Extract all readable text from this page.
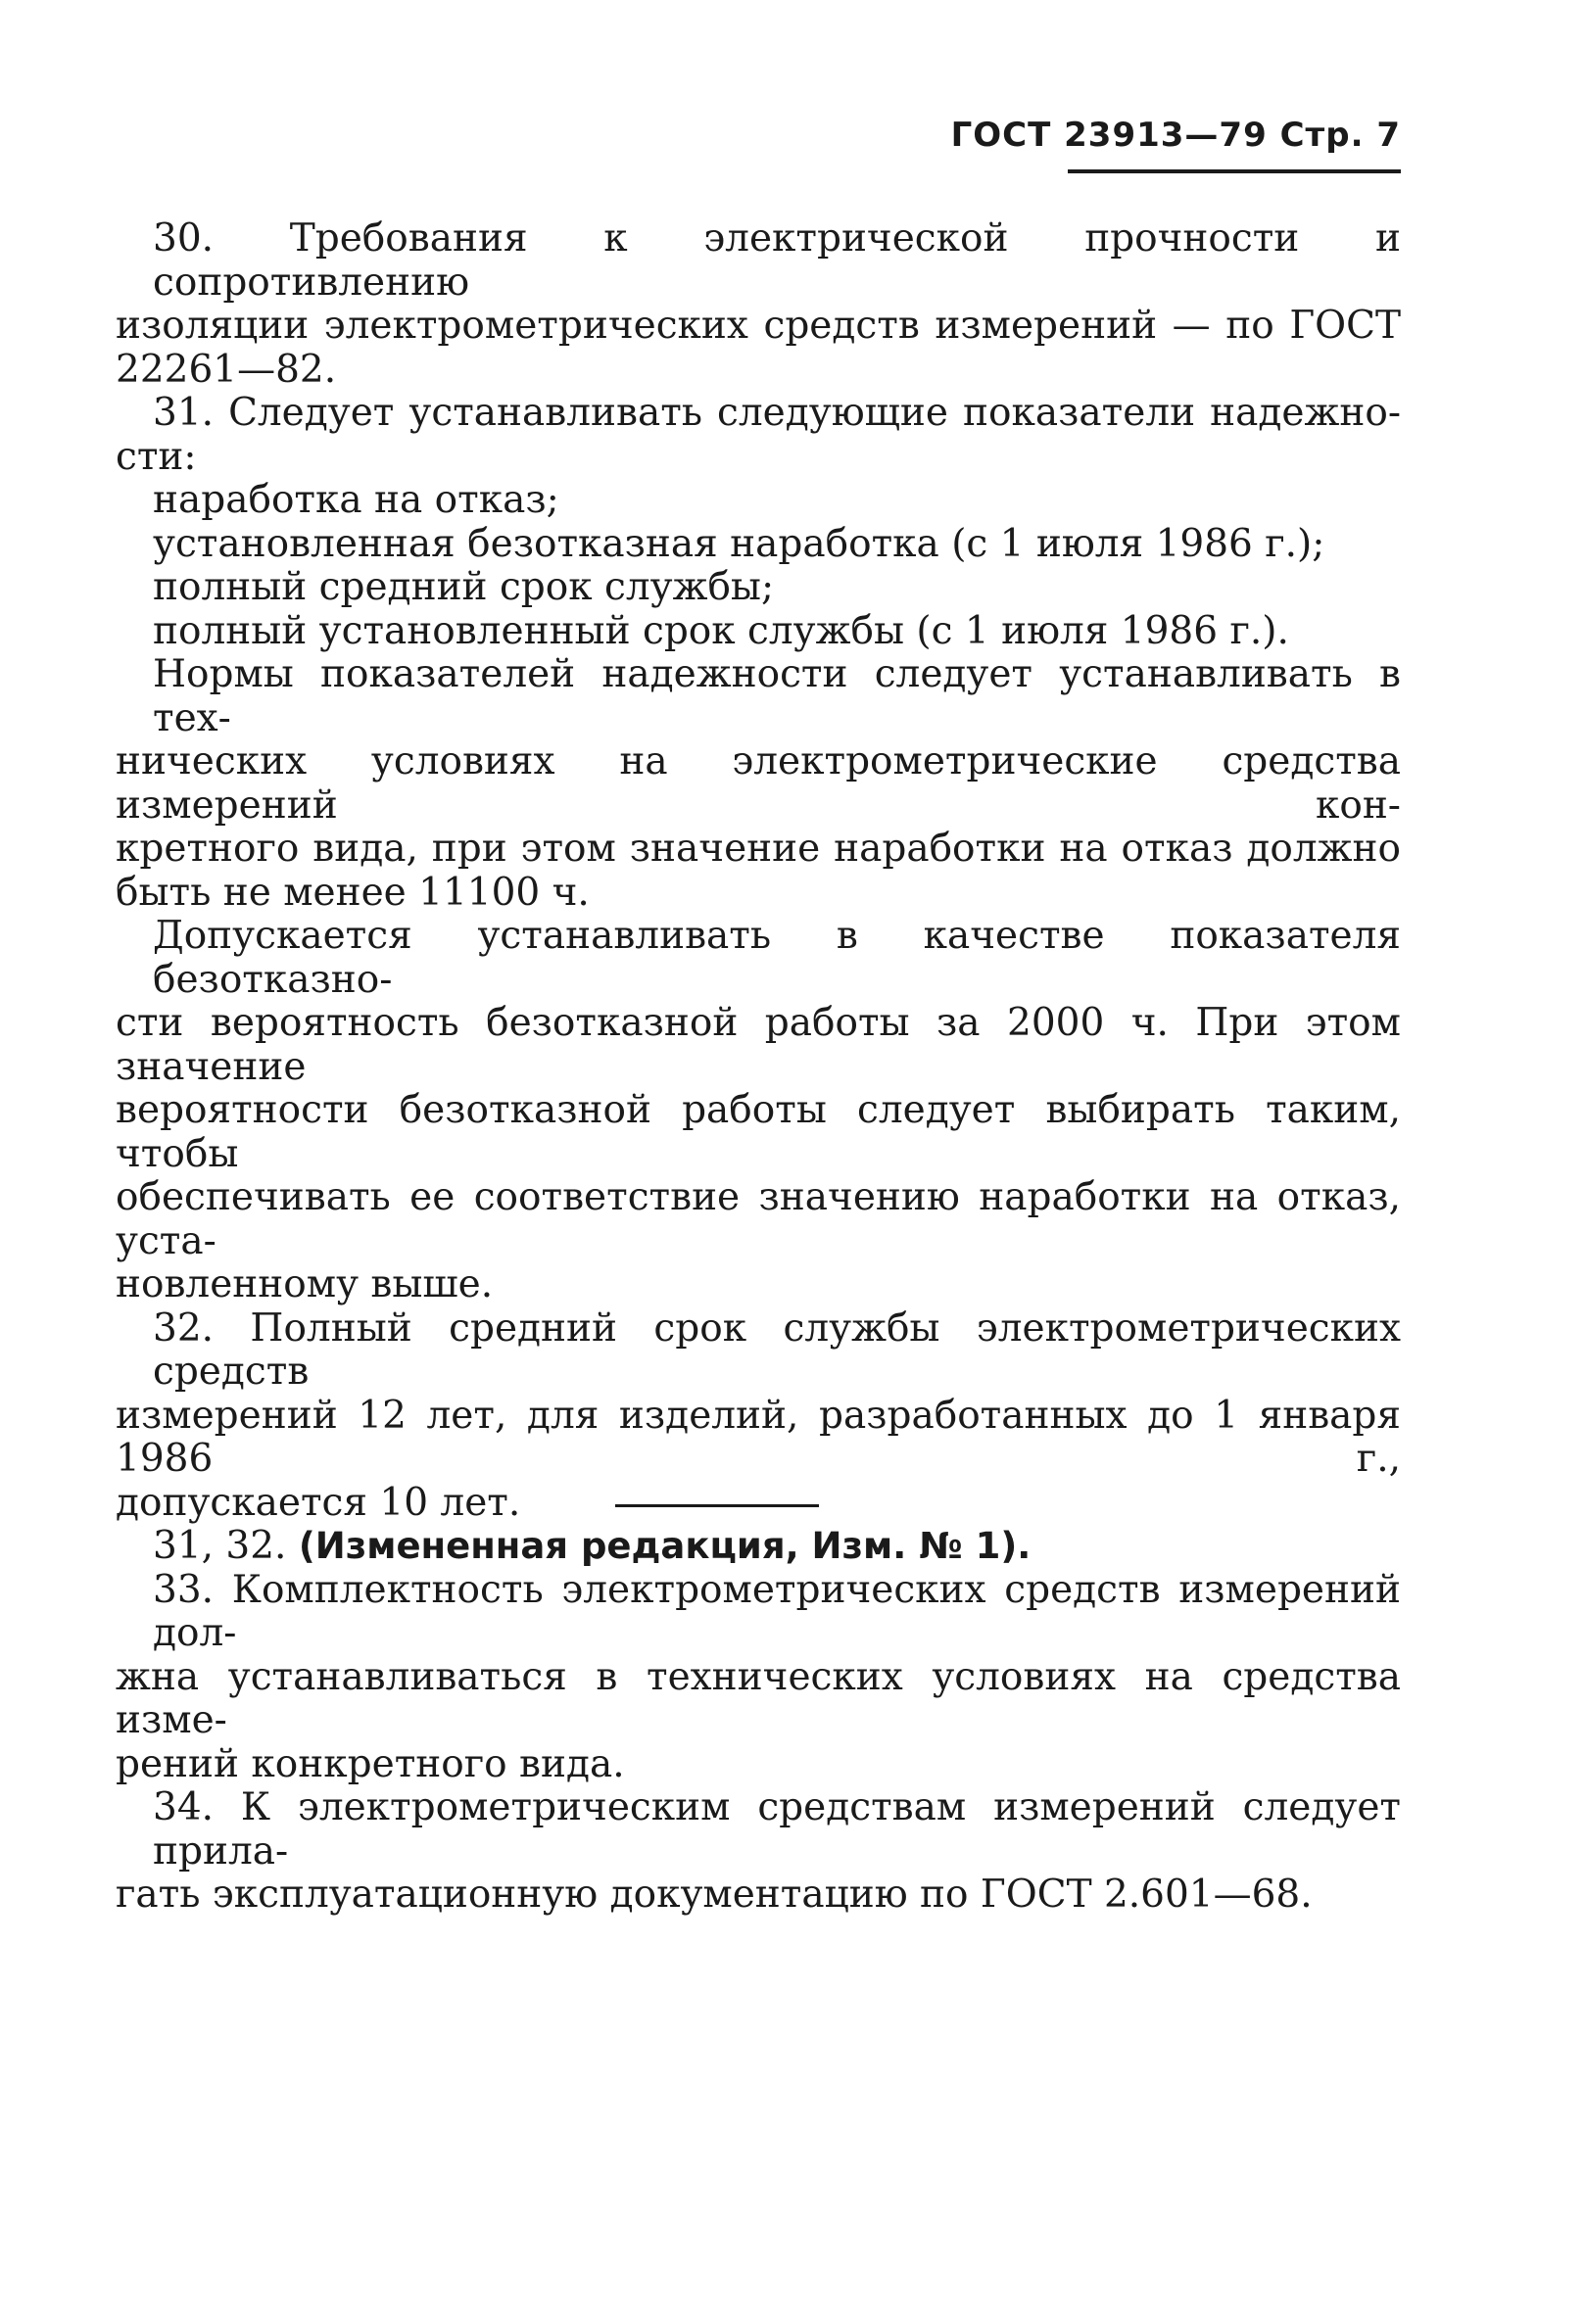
ГОСТ 23913—79 Стр. 7
30. Требования к электрической прочности и сопротивлению
изоляции электрометрических средств измерений — по ГОСТ
22261—82.
31. Следует устанавливать следующие показатели надежно-
сти:
наработка на отказ;
установленная безотказная наработка (с 1 июля 1986 г.);
полный средний срок службы;
полный установленный срок службы (с 1 июля 1986 г.).
Нормы показателей надежности следует устанавливать в тех-
нических условиях на электрометрические средства измерений кон-
кретного вида, при этом значение наработки на отказ должно
быть не менее 11100 ч.
Допускается устанавливать в качестве показателя безотказно-
сти вероятность безотказной работы за 2000 ч. При этом значение
вероятности безотказной работы следует выбирать таким, чтобы
обеспечивать ее соответствие значению наработки на отказ, уста-
новленному выше.
32. Полный средний срок службы электрометрических средств
измерений 12 лет, для изделий, разработанных до 1 января 1986 г.,
допускается 10 лет.
31, 32. (Измененная редакция, Изм. № 1).
33. Комплектность электрометрических средств измерений дол-
жна устанавливаться в технических условиях на средства изме-
рений конкретного вида.
34. К электрометрическим средствам измерений следует прила-
гать эксплуатационную документацию по ГОСТ 2.601—68.
